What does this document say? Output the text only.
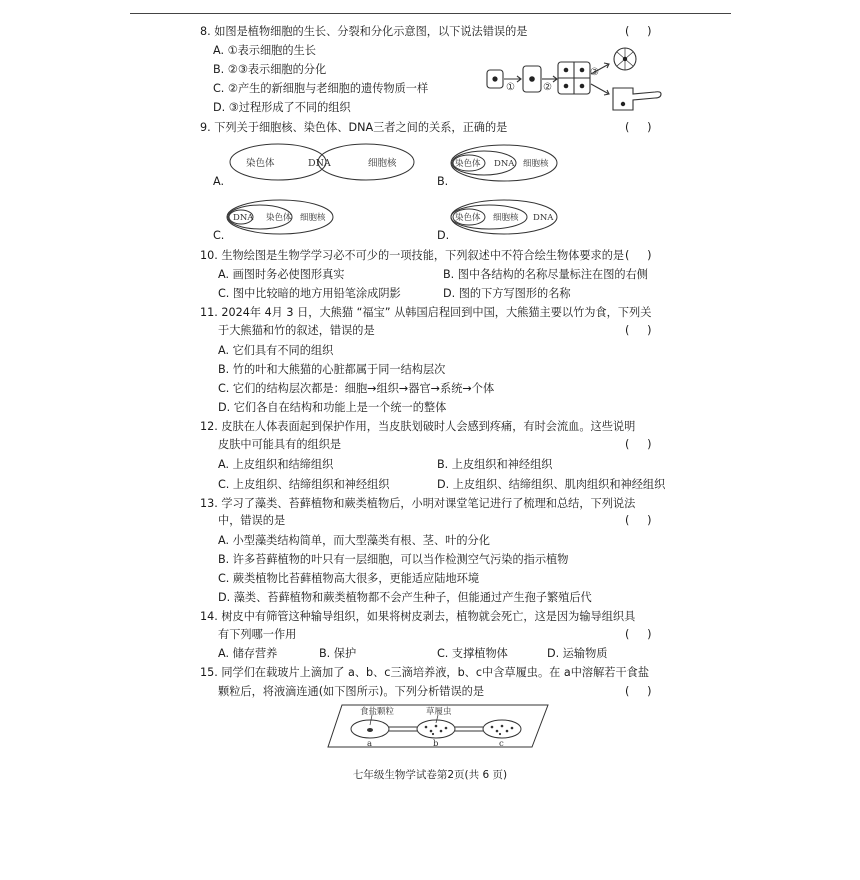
8. 如图是植物细胞的生长、分裂和分化示意图，以下说法错误的是	(     )
A. ①表示细胞的生长
B. ②③表示细胞的分化
C. ②产生的新细胞与老细胞的遗传物质一样
D. ③过程形成了不同的组织
①	②
③
9. 下列关于细胞核、染色体、DNA三者之间的关系，正确的是	(     )
A.
染色体	DNA	细胞核
B.
染色体 DNA 细胞核
C.
DNA 染色体 细胞核
D.
染色体 细胞核 DNA
10. 生物绘图是生物学学习必不可少的一项技能，下列叙述中不符合绘生物体要求的是 (     )
A. 画图时务必使图形真实	B. 图中各结构的名称尽量标注在图的右侧
C. 图中比较暗的地方用铅笔涂成阴影	D. 图的下方写图形的名称
11. 2024年 4月 3 日，大熊猫 “福宝” 从韩国启程回到中国，大熊猫主要以竹为食，下列关
于大熊猫和竹的叙述，错误的是	(     )
A. 它们具有不同的组织
B. 竹的叶和大熊猫的心脏都属于同一结构层次
C. 它们的结构层次都是：细胞→组织→器官→系统→个体
D. 它们各自在结构和功能上是一个统一的整体
12. 皮肤在人体表面起到保护作用，当皮肤划破时人会感到疼痛，有时会流血。这些说明
皮肤中可能具有的组织是	(     )
A. 上皮组织和结缔组织	B. 上皮组织和神经组织
C. 上皮组织、结缔组织和神经组织	D. 上皮组织、结缔组织、肌肉组织和神经组织
13. 学习了藻类、苔藓植物和蕨类植物后，小明对课堂笔记进行了梳理和总结，下列说法
中，错误的是	(     )
A. 小型藻类结构简单，而大型藻类有根、茎、叶的分化
B. 许多苔藓植物的叶只有一层细胞，可以当作检测空气污染的指示植物
C. 蕨类植物比苔藓植物高大很多，更能适应陆地环境
D. 藻类、苔藓植物和蕨类植物都不会产生种子，但能通过产生孢子繁殖后代
14. 树皮中有筛管这种输导组织，如果将树皮剥去，植物就会死亡，这是因为输导组织具
有下列哪一作用	(     )
A. 储存营养	B. 保护	C. 支撑植物体	D. 运输物质
15. 同学们在载玻片上滴加了 a、b、c三滴培养液，b、c中含草履虫。在 a中溶解若干食盐
颗粒后，将液滴连通(如下图所示)。下列分析错误的是	(     )
食盐颗粒	草履虫
a	b	c
七年级生物学试卷第2页(共 6 页)
